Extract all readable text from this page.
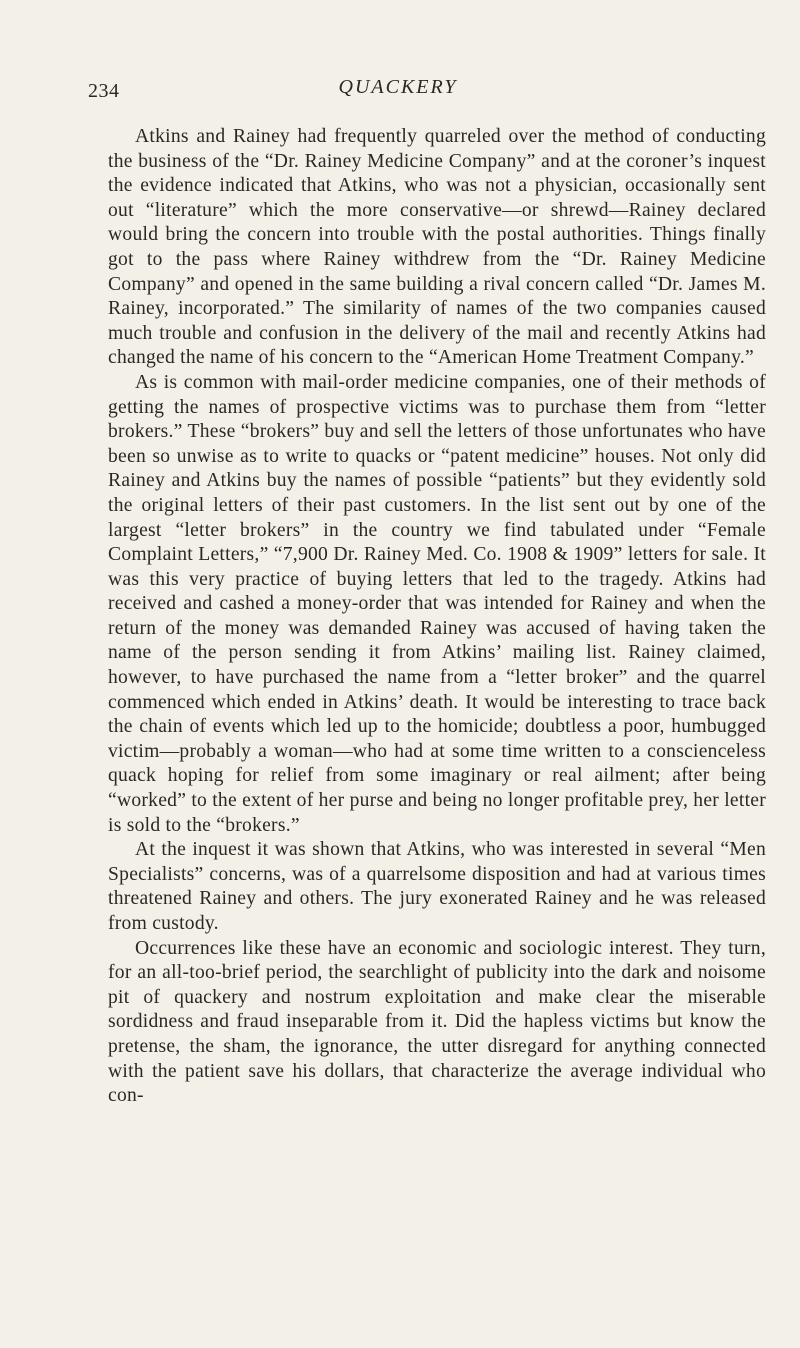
234	QUACKERY

Atkins and Rainey had frequently quarreled over the method of conducting the business of the “Dr. Rainey Medicine Company” and at the coroner’s inquest the evidence indicated that Atkins, who was not a physician, occasionally sent out “literature” which the more conservative—or shrewd—Rainey declared would bring the concern into trouble with the postal authorities. Things finally got to the pass where Rainey withdrew from the “Dr. Rainey Medicine Company” and opened in the same building a rival concern called “Dr. James M. Rainey, incorporated.” The similarity of names of the two companies caused much trouble and confusion in the delivery of the mail and recently Atkins had changed the name of his concern to the “American Home Treatment Company.”

As is common with mail-order medicine companies, one of their methods of getting the names of prospective victims was to purchase them from “letter brokers.” These “brokers” buy and sell the letters of those unfortunates who have been so unwise as to write to quacks or “patent medicine” houses. Not only did Rainey and Atkins buy the names of possible “patients” but they evidently sold the original letters of their past customers. In the list sent out by one of the largest “letter brokers” in the country we find tabulated under “Female Complaint Letters,” “7,900 Dr. Rainey Med. Co. 1908 & 1909” letters for sale. It was this very practice of buying letters that led to the tragedy. Atkins had received and cashed a money-order that was intended for Rainey and when the return of the money was demanded Rainey was accused of having taken the name of the person sending it from Atkins’ mailing list. Rainey claimed, however, to have purchased the name from a “letter broker” and the quarrel commenced which ended in Atkins’ death. It would be interesting to trace back the chain of events which led up to the homicide; doubtless a poor, humbugged victim—probably a woman—who had at some time written to a conscienceless quack hoping for relief from some imaginary or real ailment; after being “worked” to the extent of her purse and being no longer profitable prey, her letter is sold to the “brokers.”

At the inquest it was shown that Atkins, who was interested in several “Men Specialists” concerns, was of a quarrelsome disposition and had at various times threatened Rainey and others. The jury exonerated Rainey and he was released from custody.

Occurrences like these have an economic and sociologic interest. They turn, for an all-too-brief period, the searchlight of publicity into the dark and noisome pit of quackery and nostrum exploitation and make clear the miserable sordidness and fraud inseparable from it. Did the hapless victims but know the pretense, the sham, the ignorance, the utter disregard for anything connected with the patient save his dollars, that characterize the average individual who con-
